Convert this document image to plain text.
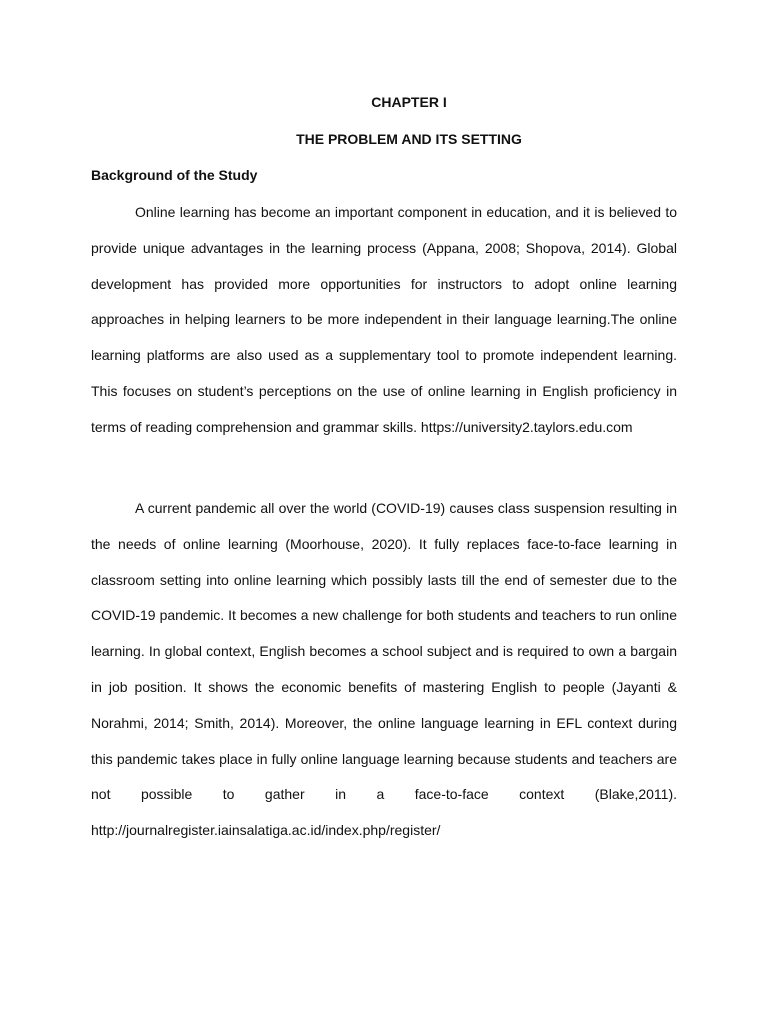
CHAPTER I
THE PROBLEM AND ITS SETTING
Background of the Study

Online learning has become an important component in education, and it is believed to provide unique advantages in the learning process (Appana, 2008; Shopova, 2014). Global development has provided more opportunities for instructors to adopt online learning approaches in helping learners to be more independent in their language learning.The online learning platforms are also used as a supplementary tool to promote independent learning. This focuses on student’s perceptions on the use of online learning in English proficiency in terms of reading comprehension and grammar skills. https://university2.taylors.edu.com

A current pandemic all over the world (COVID-19) causes class suspension resulting in the needs of online learning (Moorhouse, 2020). It fully replaces face-to-face learning in classroom setting into online learning which possibly lasts till the end of semester due to the COVID-19 pandemic. It becomes a new challenge for both students and teachers to run online learning. In global context, English becomes a school subject and is required to own a bargain in job position. It shows the economic benefits of mastering English to people (Jayanti & Norahmi, 2014; Smith, 2014). Moreover, the online language learning in EFL context during this pandemic takes place in fully online language learning because students and teachers are not possible to gather in a face-to-face context (Blake,2011). http://journalregister.iainsalatiga.ac.id/index.php/register/
